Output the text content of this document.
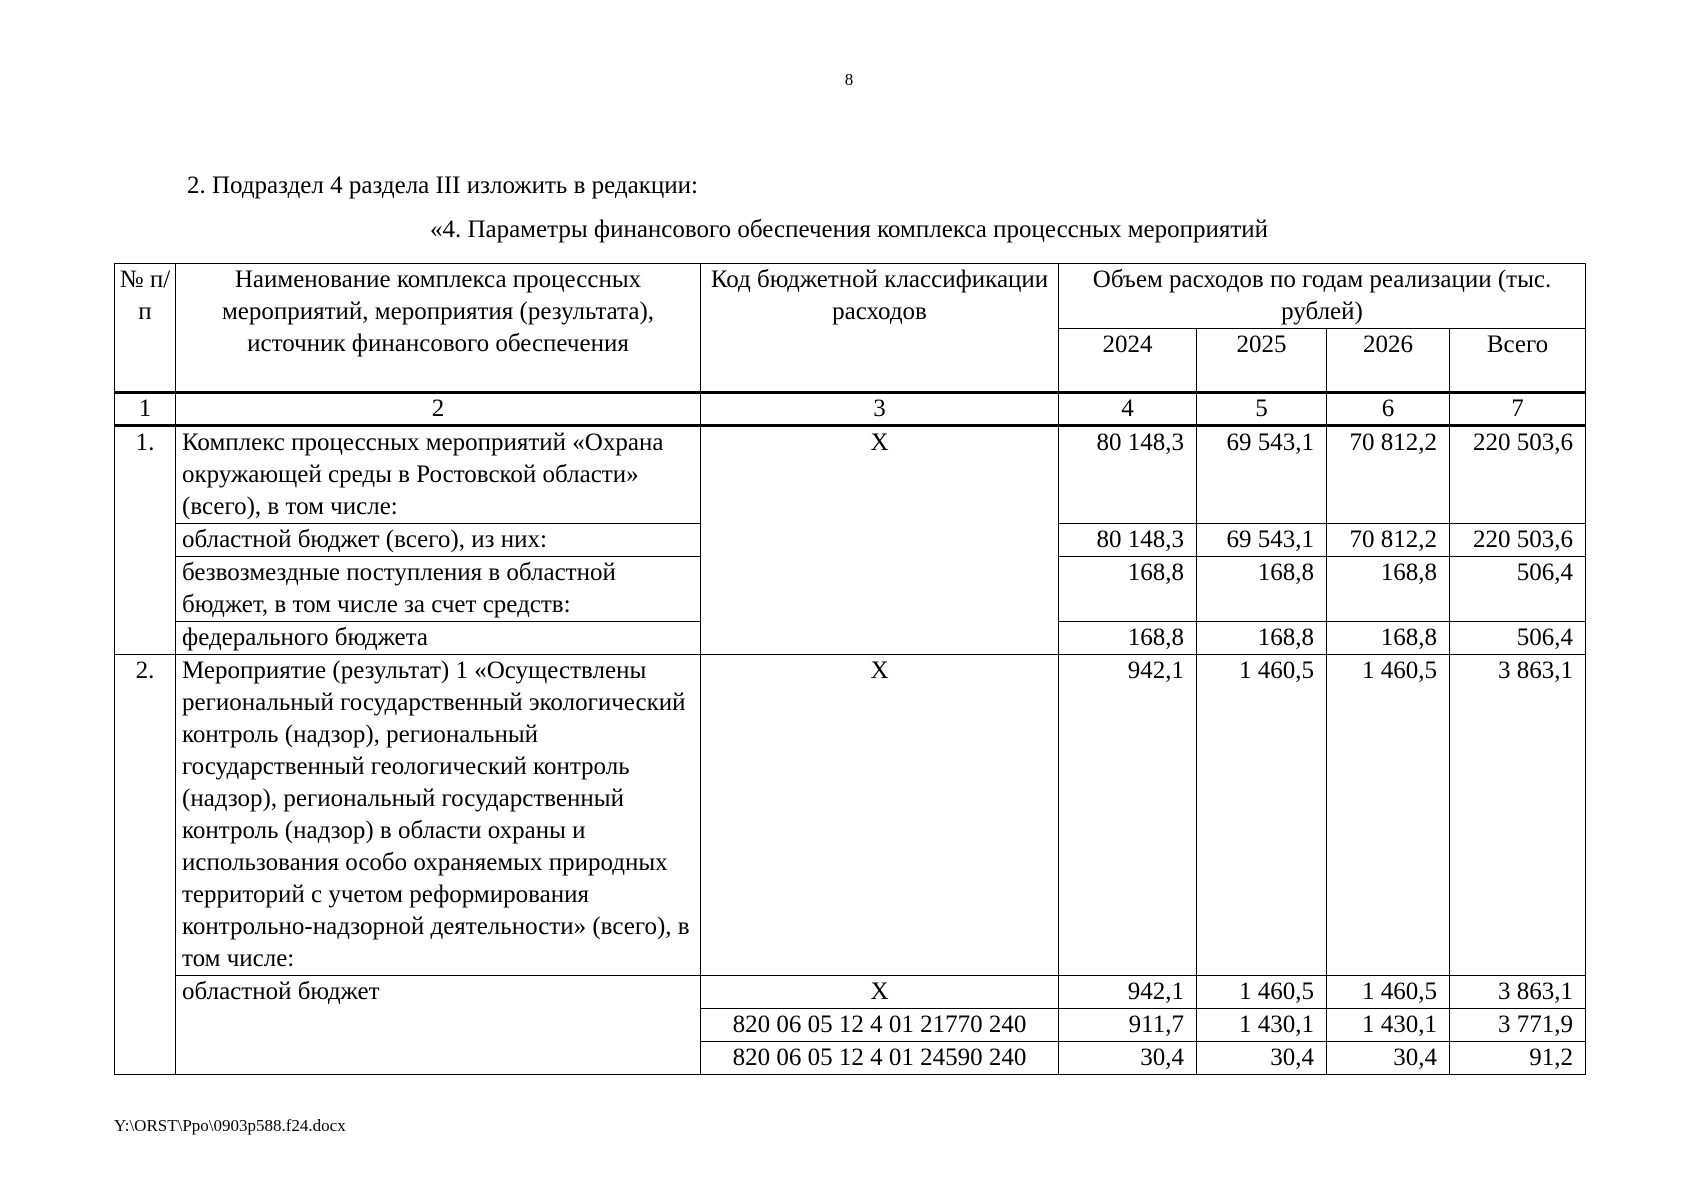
8
2. Подраздел 4 раздела III изложить в редакции:
«4. Параметры финансового обеспечения комплекса процессных мероприятий
№ п/п	Наименование комплекса процессных мероприятий, мероприятия (результата), источник финансового обеспечения	Код бюджетной классификации расходов	Объем расходов по годам реализации (тыс. рублей)			
			2024	2025	2026	Всего
1	2	3	4	5	6	7
1.	Комплекс процессных мероприятий «Охрана окружающей среды в Ростовской области» (всего), в том числе:	X	80 148,3	69 543,1	70 812,2	220 503,6
	областной бюджет (всего), из них:		80 148,3	69 543,1	70 812,2	220 503,6
	безвозмездные поступления в областной бюджет, в том числе за счет средств:		168,8	168,8	168,8	506,4
	федерального бюджета		168,8	168,8	168,8	506,4
2.	Мероприятие (результат) 1 «Осуществлены региональный государственный экологический контроль (надзор), региональный государственный геологический контроль (надзор), региональный государственный контроль (надзор) в области охраны и использования особо охраняемых природных территорий с учетом реформирования контрольно-надзорной деятельности» (всего), в том числе:	X	942,1	1 460,5	1 460,5	3 863,1
	областной бюджет	X	942,1	1 460,5	1 460,5	3 863,1
		820 06 05 12 4 01 21770 240	911,7	1 430,1	1 430,1	3 771,9
		820 06 05 12 4 01 24590 240	30,4	30,4	30,4	91,2
Y:\ORST\Ppo\0903p588.f24.docx
